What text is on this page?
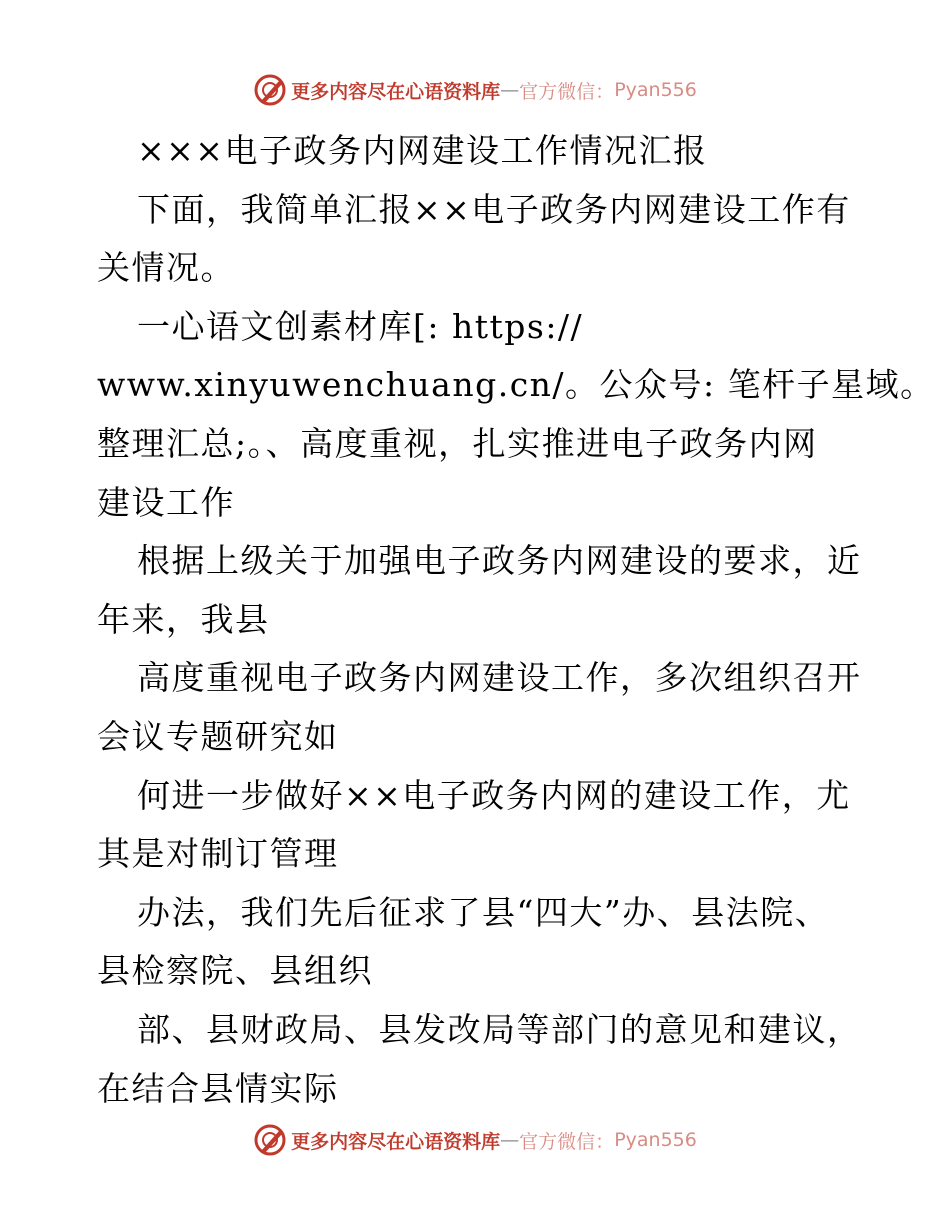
更多内容尽在心语资料库 — 官方微信： Pyan556
×××电子政务内网建设工作情况汇报
下面，我简单汇报××电子政务内网建设工作有
关情况。
一心语文创素材库[: https://
www.xinyuwenchuang.cn/。公众号: 笔杆子星域。
整理汇总;。、高度重视，扎实推进电子政务内网
建设工作
根据上级关于加强电子政务内网建设的要求，近
年来，我县
高度重视电子政务内网建设工作，多次组织召开
会议专题研究如
何进一步做好××电子政务内网的建设工作，尤
其是对制订管理
办法，我们先后征求了县“四大”办、县法院、
县检察院、县组织
部、县财政局、县发改局等部门的意见和建议，
在结合县情实际
更多内容尽在心语资料库 — 官方微信： Pyan556
